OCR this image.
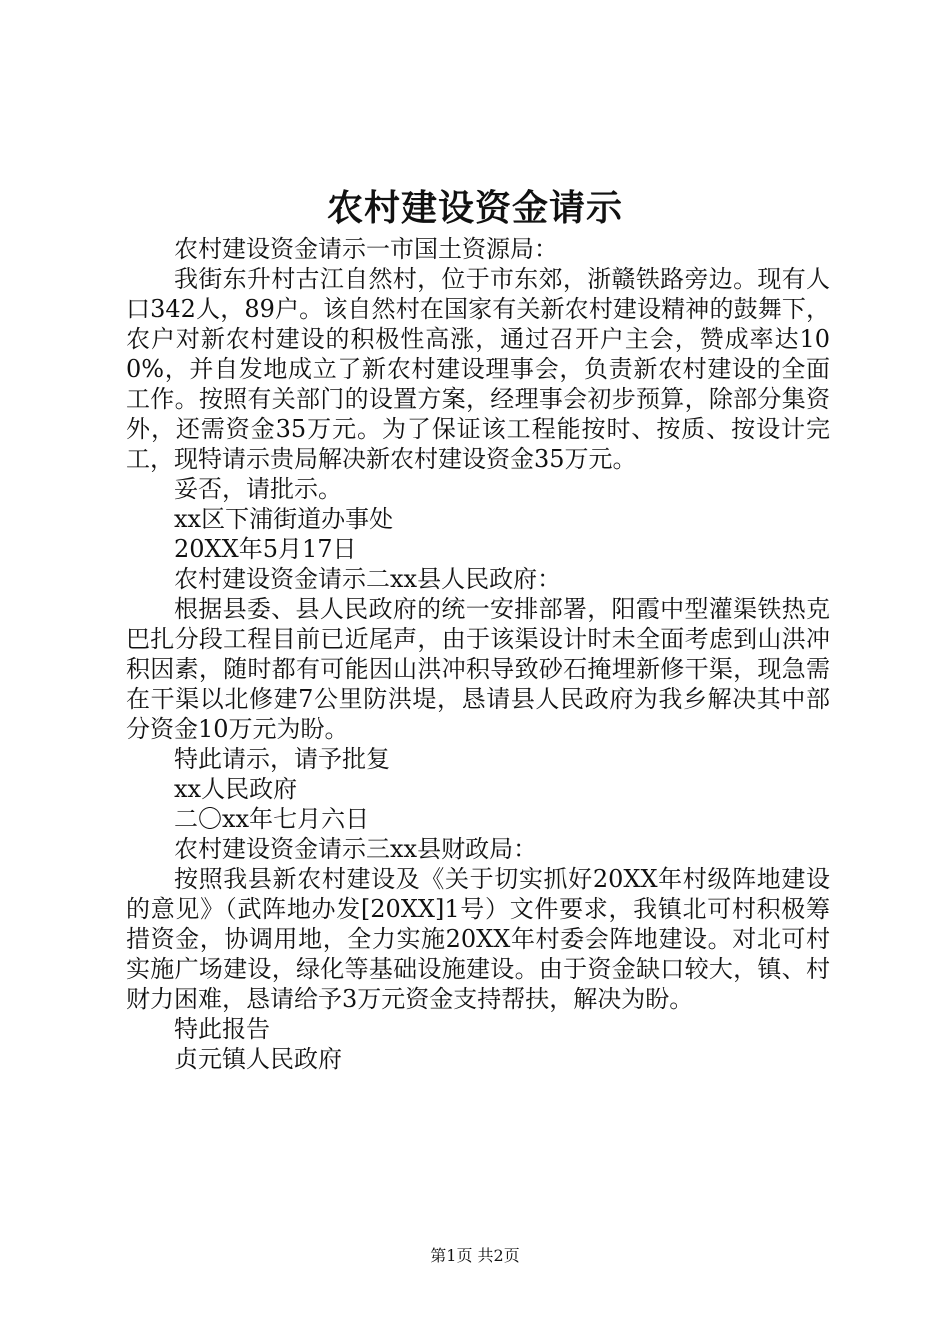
农村建设资金请示

农村建设资金请示一市国土资源局：

我街东升村古江自然村，位于市东郊，浙赣铁路旁边。现有人口342人，89户。该自然村在国家有关新农村建设精神的鼓舞下，农户对新农村建设的积极性高涨，通过召开户主会，赞成率达100%，并自发地成立了新农村建设理事会，负责新农村建设的全面工作。按照有关部门的设置方案，经理事会初步预算，除部分集资外，还需资金35万元。为了保证该工程能按时、按质、按设计完工，现特请示贵局解决新农村建设资金35万元。

妥否，请批示。

xx区下浦街道办事处

20XX年5月17日

农村建设资金请示二xx县人民政府：

根据县委、县人民政府的统一安排部署，阳霞中型灌渠铁热克巴扎分段工程目前已近尾声，由于该渠设计时未全面考虑到山洪冲积因素，随时都有可能因山洪冲积导致砂石掩埋新修干渠，现急需在干渠以北修建7公里防洪堤，恳请县人民政府为我乡解决其中部分资金10万元为盼。

特此请示，请予批复

xx人民政府

二〇xx年七月六日

农村建设资金请示三xx县财政局：

按照我县新农村建设及《关于切实抓好20XX年村级阵地建设的意见》（武阵地办发[20XX]1号）文件要求，我镇北可村积极筹措资金，协调用地，全力实施20XX年村委会阵地建设。对北可村实施广场建设，绿化等基础设施建设。由于资金缺口较大，镇、村财力困难，恳请给予3万元资金支持帮扶，解决为盼。

特此报告

贞元镇人民政府

第1页 共2页
